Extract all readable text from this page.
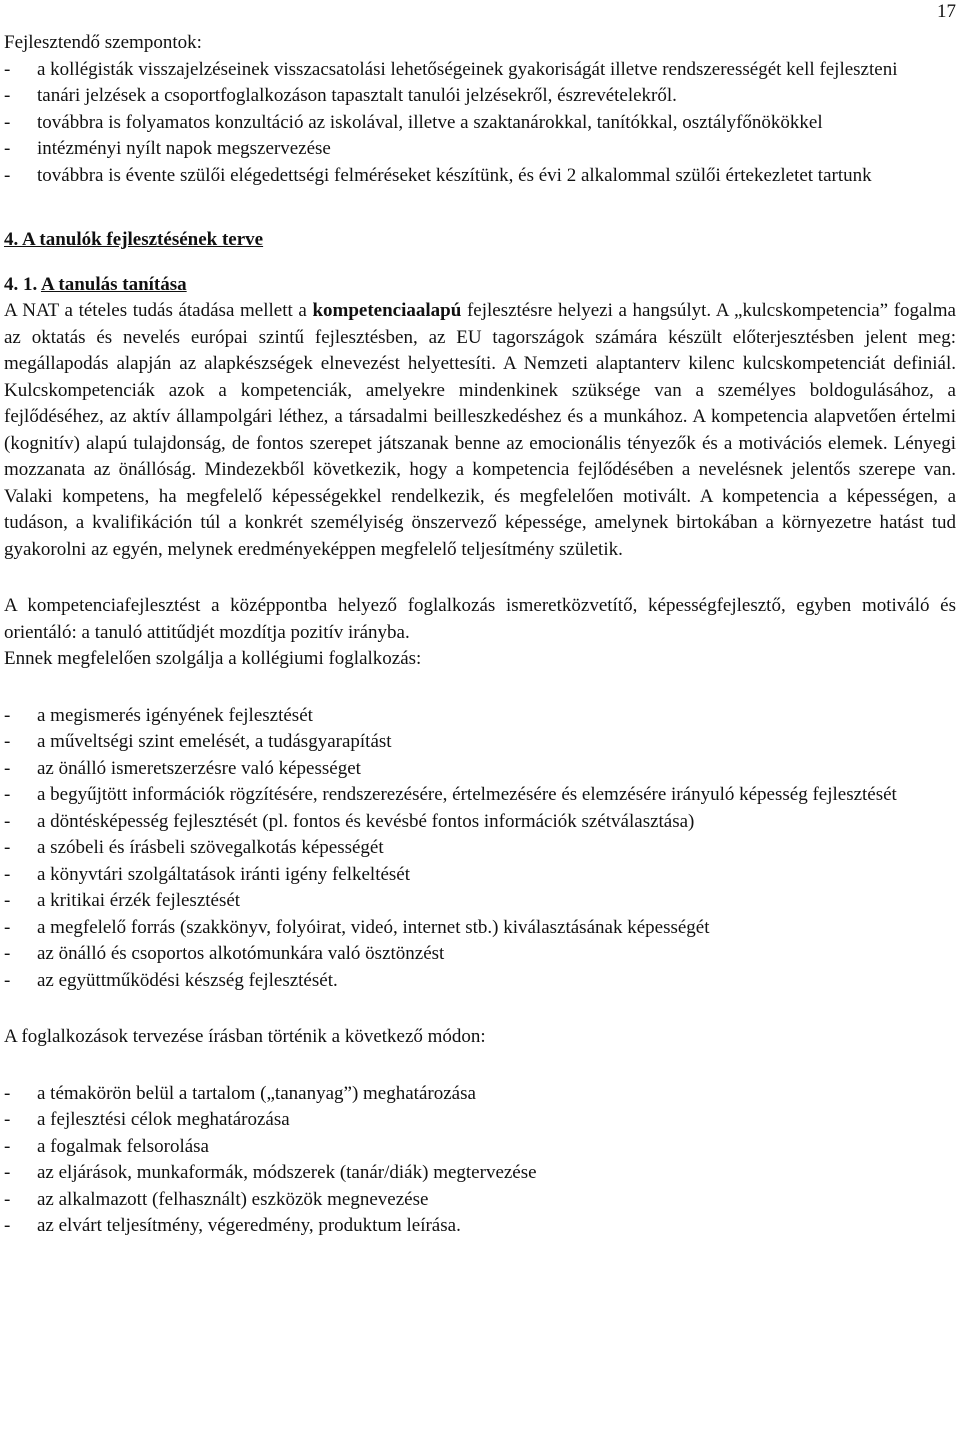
17
Fejlesztendő szempontok:
- a kollégisták visszajelzéseinek visszacsatolási lehetőségeinek gyakoriságát illetve rendszerességét kell fejleszteni
- tanári jelzések a csoportfoglalkozáson tapasztalt tanulói jelzésekről, észrevételekről.
- továbbra is folyamatos konzultáció az iskolával, illetve a szaktanárokkal, tanítókkal, osztályfőnökökkel
- intézményi nyílt napok megszervezése
- továbbra is évente szülői elégedettségi felméréseket készítünk, és évi 2 alkalommal szülői értekezletet tartunk
4. A tanulók fejlesztésének terve
4. 1. A tanulás tanítása
A NAT a tételes tudás átadása mellett a kompetenciaalapú fejlesztésre helyezi a hangsúlyt. A „kulcskompetencia” fogalma az oktatás és nevelés európai szintű fejlesztésben, az EU tagországok számára készült előterjesztésben jelent meg: megállapodás alapján az alapkészségek elnevezést helyettesíti. A Nemzeti alaptanterv kilenc kulcskompetenciát definiál. Kulcskompetenciák azok a kompetenciák, amelyekre mindenkinek szüksége van a személyes boldogulásához, a fejlődéséhez, az aktív állampolgári léthez, a társadalmi beilleszkedéshez és a munkához. A kompetencia alapvetően értelmi (kognitív) alapú tulajdonság, de fontos szerepet játszanak benne az emocionális tényezők és a motivációs elemek. Lényegi mozzanata az önállóság. Mindezekből következik, hogy a kompetencia fejlődésében a nevelésnek jelentős szerepe van. Valaki kompetens, ha megfelelő képességekkel rendelkezik, és megfelelően motivált. A kompetencia a képességen, a tudáson, a kvalifikáción túl a konkrét személyiség önszervező képessége, amelynek birtokában a környezetre hatást tud gyakorolni az egyén, melynek eredményeképpen megfelelő teljesítmény születik.
A kompetenciafejlesztést a középpontba helyező foglalkozás ismeretközvetítő, képességfejlesztő, egyben motiváló és orientáló: a tanuló attitűdjét mozdítja pozitív irányba.
Ennek megfelelően szolgálja a kollégiumi foglalkozás:
- a megismerés igényének fejlesztését
- a műveltségi szint emelését, a tudásgyarapítást
- az önálló ismeretszerzésre való képességet
- a begyűjtött információk rögzítésére, rendszerezésére, értelmezésére és elemzésére irányuló képesség fejlesztését
- a döntésképesség fejlesztését (pl. fontos és kevésbé fontos információk szétválasztása)
- a szóbeli és írásbeli szövegalkotás képességét
- a könyvtári szolgáltatások iránti igény felkeltését
- a kritikai érzék fejlesztését
- a megfelelő forrás (szakkönyv, folyóirat, videó, internet stb.) kiválasztásának képességét
- az önálló és csoportos alkotómunkára való ösztönzést
- az együttműködési készség fejlesztését.
A foglalkozások tervezése írásban történik a következő módon:
- a témakörön belül a tartalom („tananyag”) meghatározása
- a fejlesztési célok meghatározása
- a fogalmak felsorolása
- az eljárások, munkaformák, módszerek (tanár/diák) megtervezése
- az alkalmazott (felhasznált) eszközök megnevezése
- az elvárt teljesítmény, végeredmény, produktum leírása.
